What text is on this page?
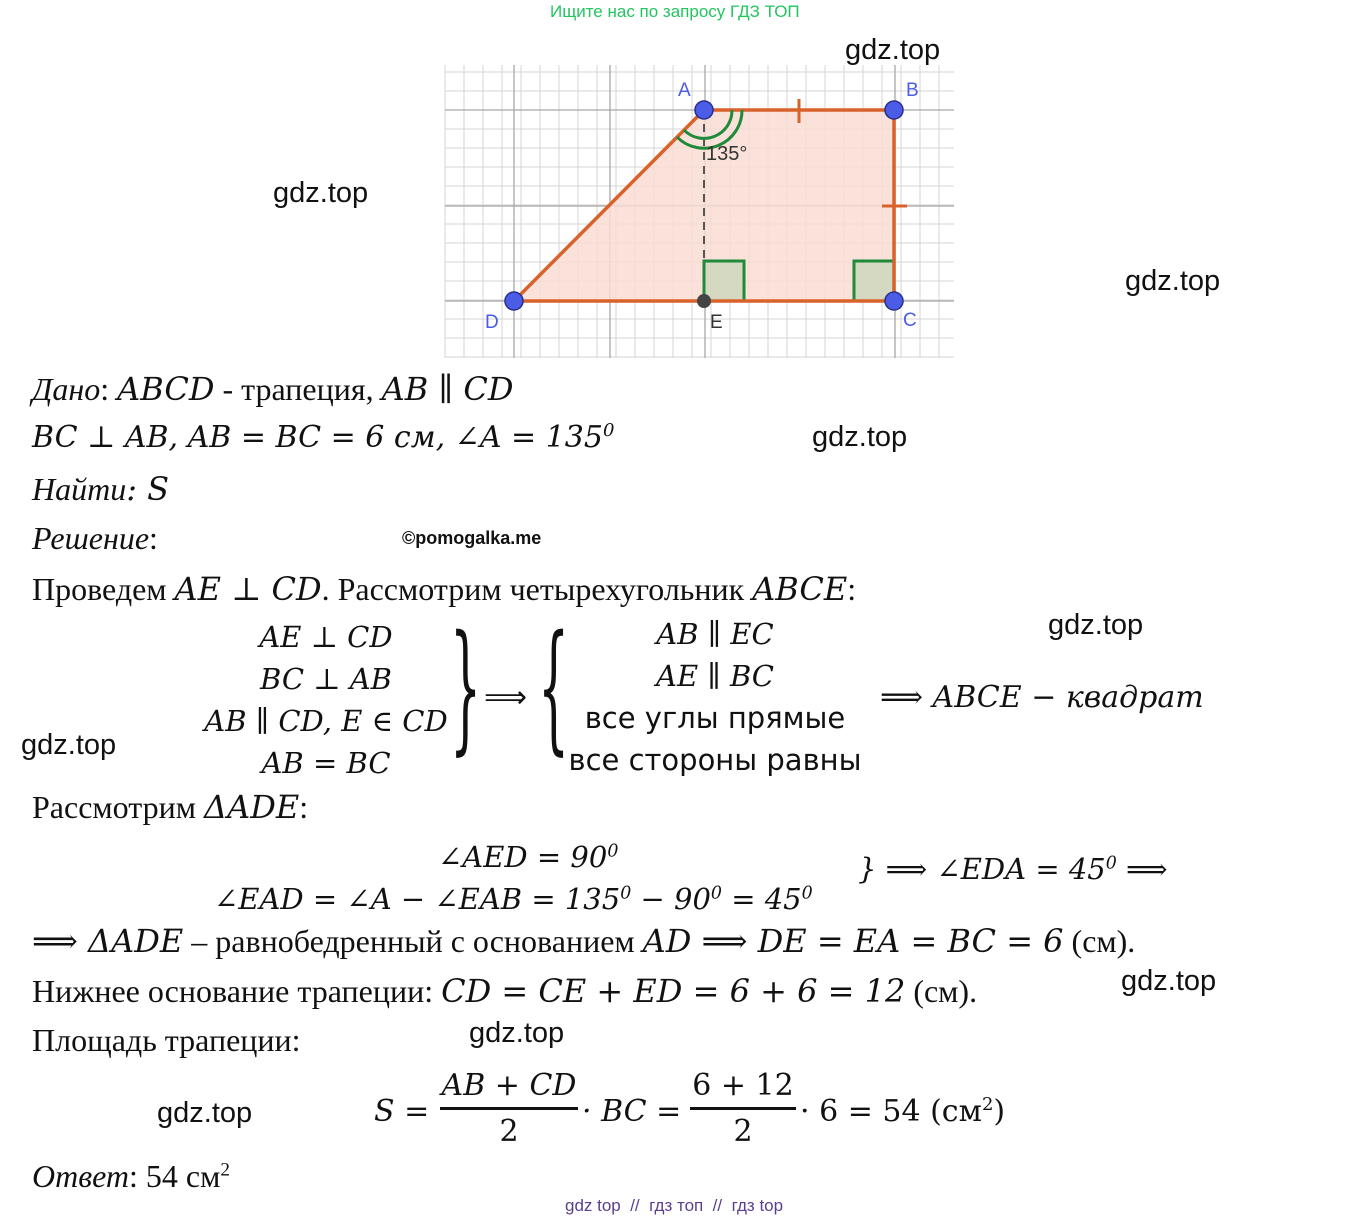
Ищите нас по запросу ГДЗ ТОП
gdz.top
gdz.top
gdz.top
gdz.top
gdz.top
gdz.top
gdz.top
gdz.top
gdz.top
©pomogalka.me
135°
A	B
C
D	E
Дано: ABCD - трапеция, AB ∥ CD
BC ⊥ AB, AB = BC = 6 см, ∠A = $135^0$
Найти: S
Решение:
Проведем AE ⊥ CD. Рассмотрим четырехугольник ABCE:
AE ⊥ CD
BC ⊥ AB
AB ∥ CD, E ∈ CD
AB = BC } ⟹ {	AB ∥ EC
AE ∥ BC
все углы прямые
все стороны равны
⟹ ABCE − квадрат
Рассмотрим ΔADE:
∠AED = $90^0$
∠EAD = ∠A − ∠EAB = $135^0 - 90^0 = 45^0$
} ⟹ ∠EDA = $45^0$ ⟹
⟹ ΔADE – равнобедренный с основанием AD ⟹ DE = EA = BC = 6 (см).
Нижнее основание трапеции: CD = CE + ED = 6 + 6 = 12 (см).
Площадь трапеции:
S =
AB + CD
2
· BC =
6 + 12
2
· 6 = 54 $(см^2)$
Ответ: 54 $см^2$
gdz top  //  гдз топ  //  гдз top
